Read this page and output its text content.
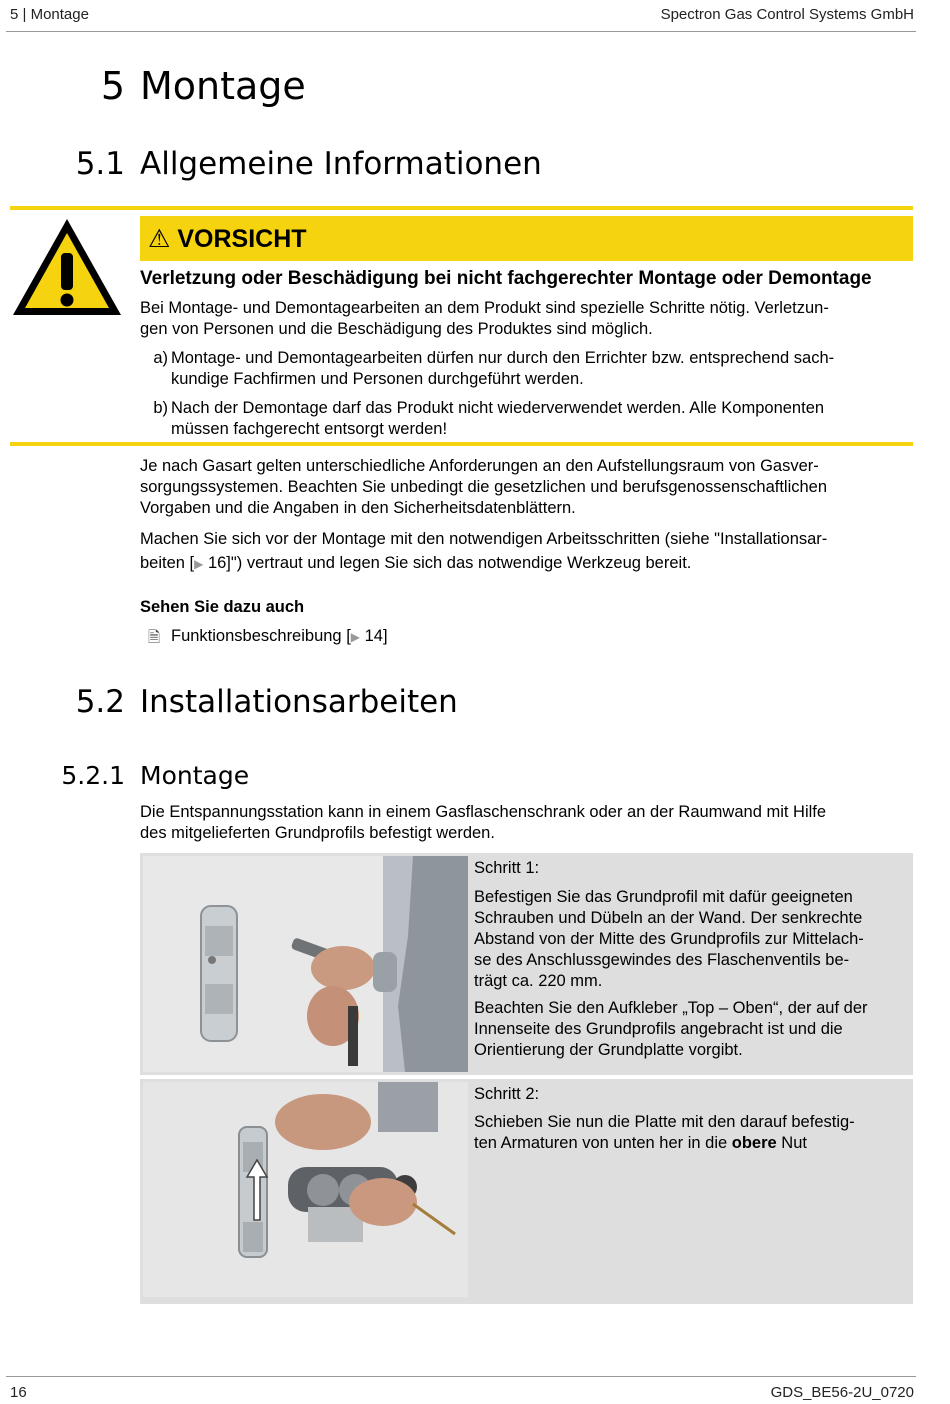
5 | Montage	Spectron Gas Control Systems GmbH
5 Montage
5.1 Allgemeine Informationen
⚠ VORSICHT
Verletzung oder Beschädigung bei nicht fachgerechter Montage oder Demontage
Bei Montage- und Demontagearbeiten an dem Produkt sind spezielle Schritte nötig. Verletzun-
gen von Personen und die Beschädigung des Produktes sind möglich.
a) Montage- und Demontagearbeiten dürfen nur durch den Errichter bzw. entsprechend sach-
kundige Fachfirmen und Personen durchgeführt werden.
b) Nach der Demontage darf das Produkt nicht wiederverwendet werden. Alle Komponenten
müssen fachgerecht entsorgt werden!
Je nach Gasart gelten unterschiedliche Anforderungen an den Aufstellungsraum von Gasver-
sorgungssystemen. Beachten Sie unbedingt die gesetzlichen und berufsgenossenschaftlichen
Vorgaben und die Angaben in den Sicherheitsdatenblättern.
Machen Sie sich vor der Montage mit den notwendigen Arbeitsschritten (siehe "Installationsar-
beiten [▶ 16]") vertraut und legen Sie sich das notwendige Werkzeug bereit.
Sehen Sie dazu auch
🗎 Funktionsbeschreibung [▶ 14]
5.2 Installationsarbeiten
5.2.1 Montage
Die Entspannungsstation kann in einem Gasflaschenschrank oder an der Raumwand mit Hilfe
des mitgelieferten Grundprofils befestigt werden.
Schritt 1:
Befestigen Sie das Grundprofil mit dafür geeigneten
Schrauben und Dübeln an der Wand. Der senkrechte
Abstand von der Mitte des Grundprofils zur Mittelach-
se des Anschlussgewindes des Flaschenventils be-
trägt ca. 220 mm.
Beachten Sie den Aufkleber „Top – Oben“, der auf der
Innenseite des Grundprofils angebracht ist und die
Orientierung der Grundplatte vorgibt.
Schritt 2:
Schieben Sie nun die Platte mit den darauf befestig-
ten Armaturen von unten her in die obere Nut
16	GDS_BE56-2U_0720
